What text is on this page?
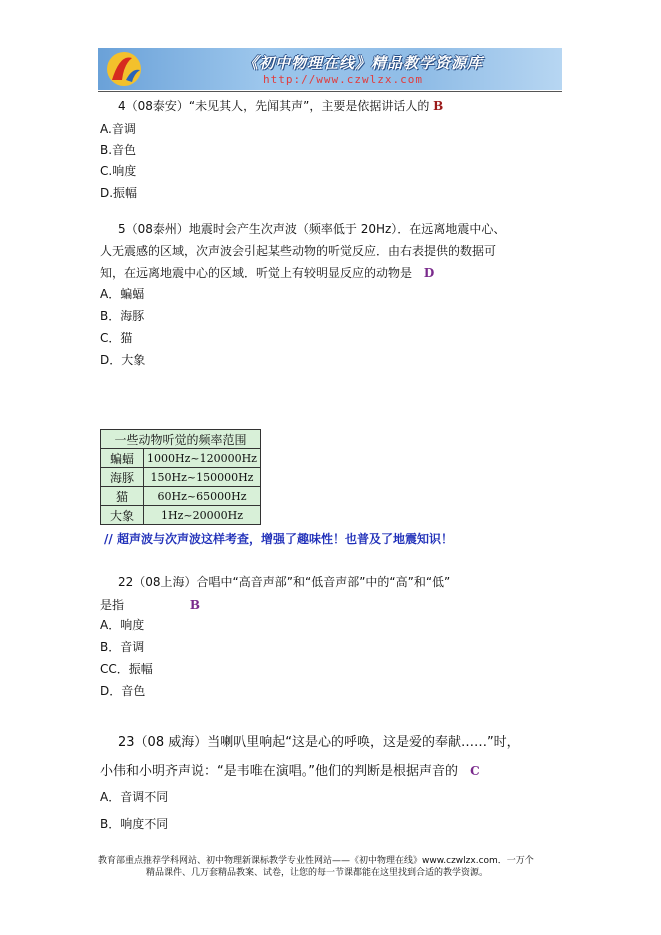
《初中物理在线》精品教学资源库
http://www.czwlzx.com
4（08泰安）“未见其人，先闻其声”，主要是依据讲话人的 B
A.音调
B.音色
C.响度
D.振幅
5（08泰州）地震时会产生次声波（频率低于 20Hz）．在远离地震中心、
人无震感的区域，次声波会引起某些动物的听觉反应．由右表提供的数据可
知，在远离地震中心的区域．听觉上有较明显反应的动物是 D
A．蝙蝠
B．海豚
C．猫
D．大象
一些动物听觉的频率范围	
蝙蝠	1000Hz~120000Hz
海豚	150Hz~150000Hz
猫	60Hz~65000Hz
大象	1Hz~20000Hz
// 超声波与次声波这样考查，增强了趣味性！也普及了地震知识！
22（08上海）合唱中“高音声部”和“低音声部”中的“高”和“低”
是指	B
A．响度
B．音调
CC．振幅
D．音色
23（08 威海）当喇叭里响起“这是心的呼唤，这是爱的奉献……”时，
小伟和小明齐声说：“是韦唯在演唱。”他们的判断是根据声音的 C
A．音调不同
B．响度不同
教育部重点推荐学科网站、初中物理新课标教学专业性网站——《初中物理在线》www.czwlzx.com．一万个
精品课件、几万套精品教案、试卷，让您的每一节课都能在这里找到合适的教学资源。
